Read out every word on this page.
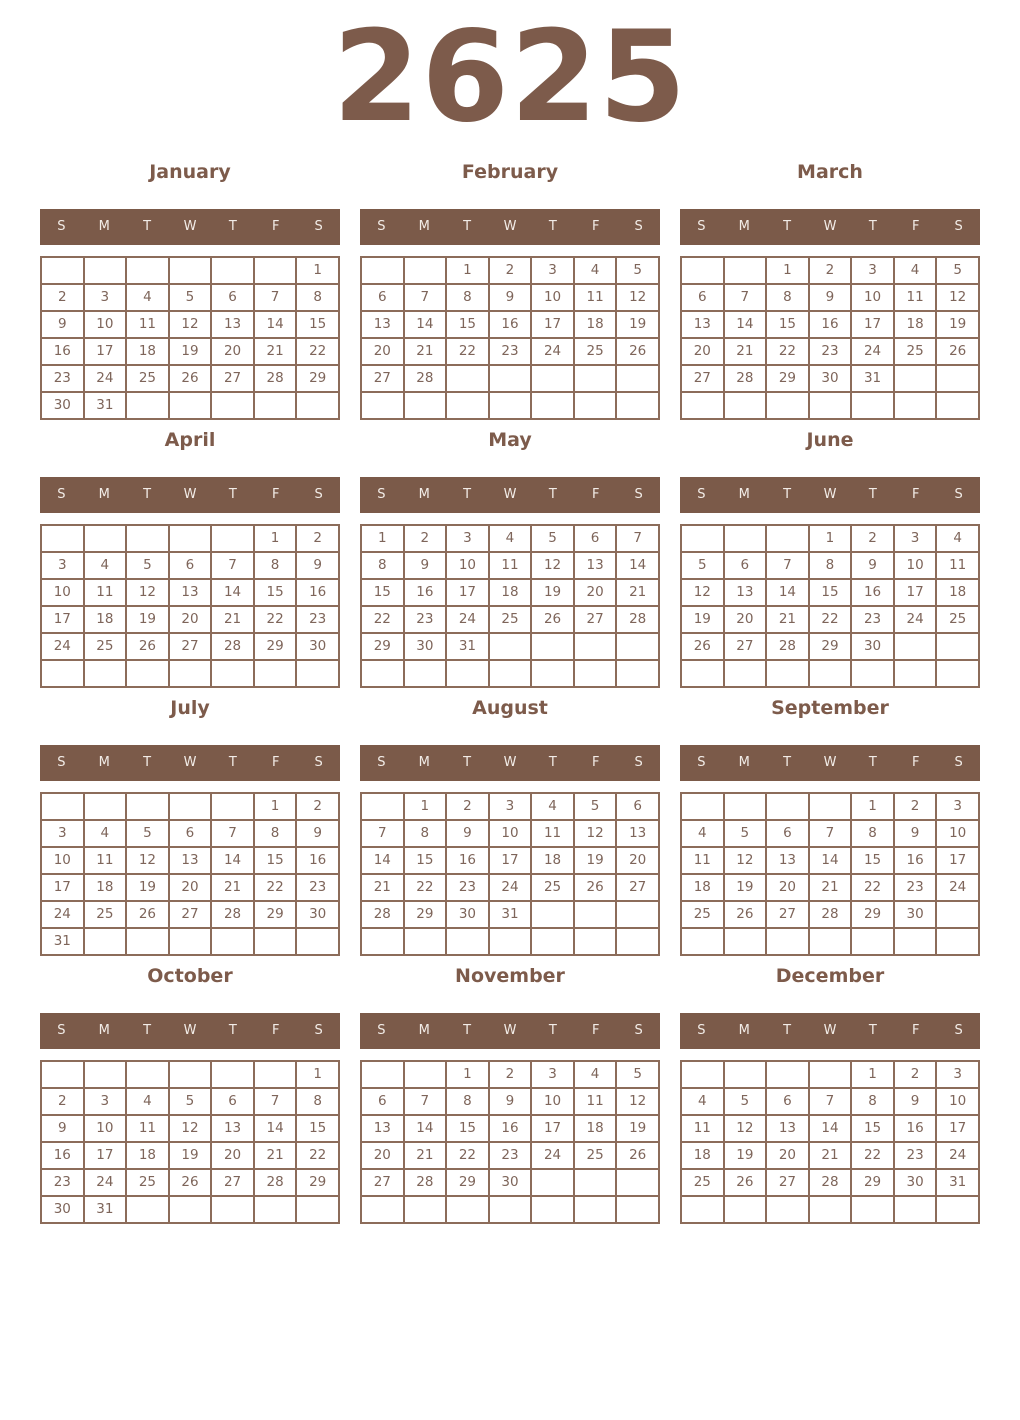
2625
January
S	M	T	W	T	F	S
						1
2	3	4	5	6	7	8
9	10	11	12	13	14	15
16	17	18	19	20	21	22
23	24	25	26	27	28	29
30	31					
February
S	M	T	W	T	F	S
		1	2	3	4	5
6	7	8	9	10	11	12
13	14	15	16	17	18	19
20	21	22	23	24	25	26
27	28					

March
S	M	T	W	T	F	S
		1	2	3	4	5
6	7	8	9	10	11	12
13	14	15	16	17	18	19
20	21	22	23	24	25	26
27	28	29	30	31		

April
S	M	T	W	T	F	S
					1	2
3	4	5	6	7	8	9
10	11	12	13	14	15	16
17	18	19	20	21	22	23
24	25	26	27	28	29	30

May
S	M	T	W	T	F	S
1	2	3	4	5	6	7
8	9	10	11	12	13	14
15	16	17	18	19	20	21
22	23	24	25	26	27	28
29	30	31				

June
S	M	T	W	T	F	S
			1	2	3	4
5	6	7	8	9	10	11
12	13	14	15	16	17	18
19	20	21	22	23	24	25
26	27	28	29	30		

July
S	M	T	W	T	F	S
					1	2
3	4	5	6	7	8	9
10	11	12	13	14	15	16
17	18	19	20	21	22	23
24	25	26	27	28	29	30
31						
August
S	M	T	W	T	F	S
	1	2	3	4	5	6
7	8	9	10	11	12	13
14	15	16	17	18	19	20
21	22	23	24	25	26	27
28	29	30	31			

September
S	M	T	W	T	F	S
				1	2	3
4	5	6	7	8	9	10
11	12	13	14	15	16	17
18	19	20	21	22	23	24
25	26	27	28	29	30	

October
S	M	T	W	T	F	S
						1
2	3	4	5	6	7	8
9	10	11	12	13	14	15
16	17	18	19	20	21	22
23	24	25	26	27	28	29
30	31					
November
S	M	T	W	T	F	S
		1	2	3	4	5
6	7	8	9	10	11	12
13	14	15	16	17	18	19
20	21	22	23	24	25	26
27	28	29	30			

December
S	M	T	W	T	F	S
				1	2	3
4	5	6	7	8	9	10
11	12	13	14	15	16	17
18	19	20	21	22	23	24
25	26	27	28	29	30	31
